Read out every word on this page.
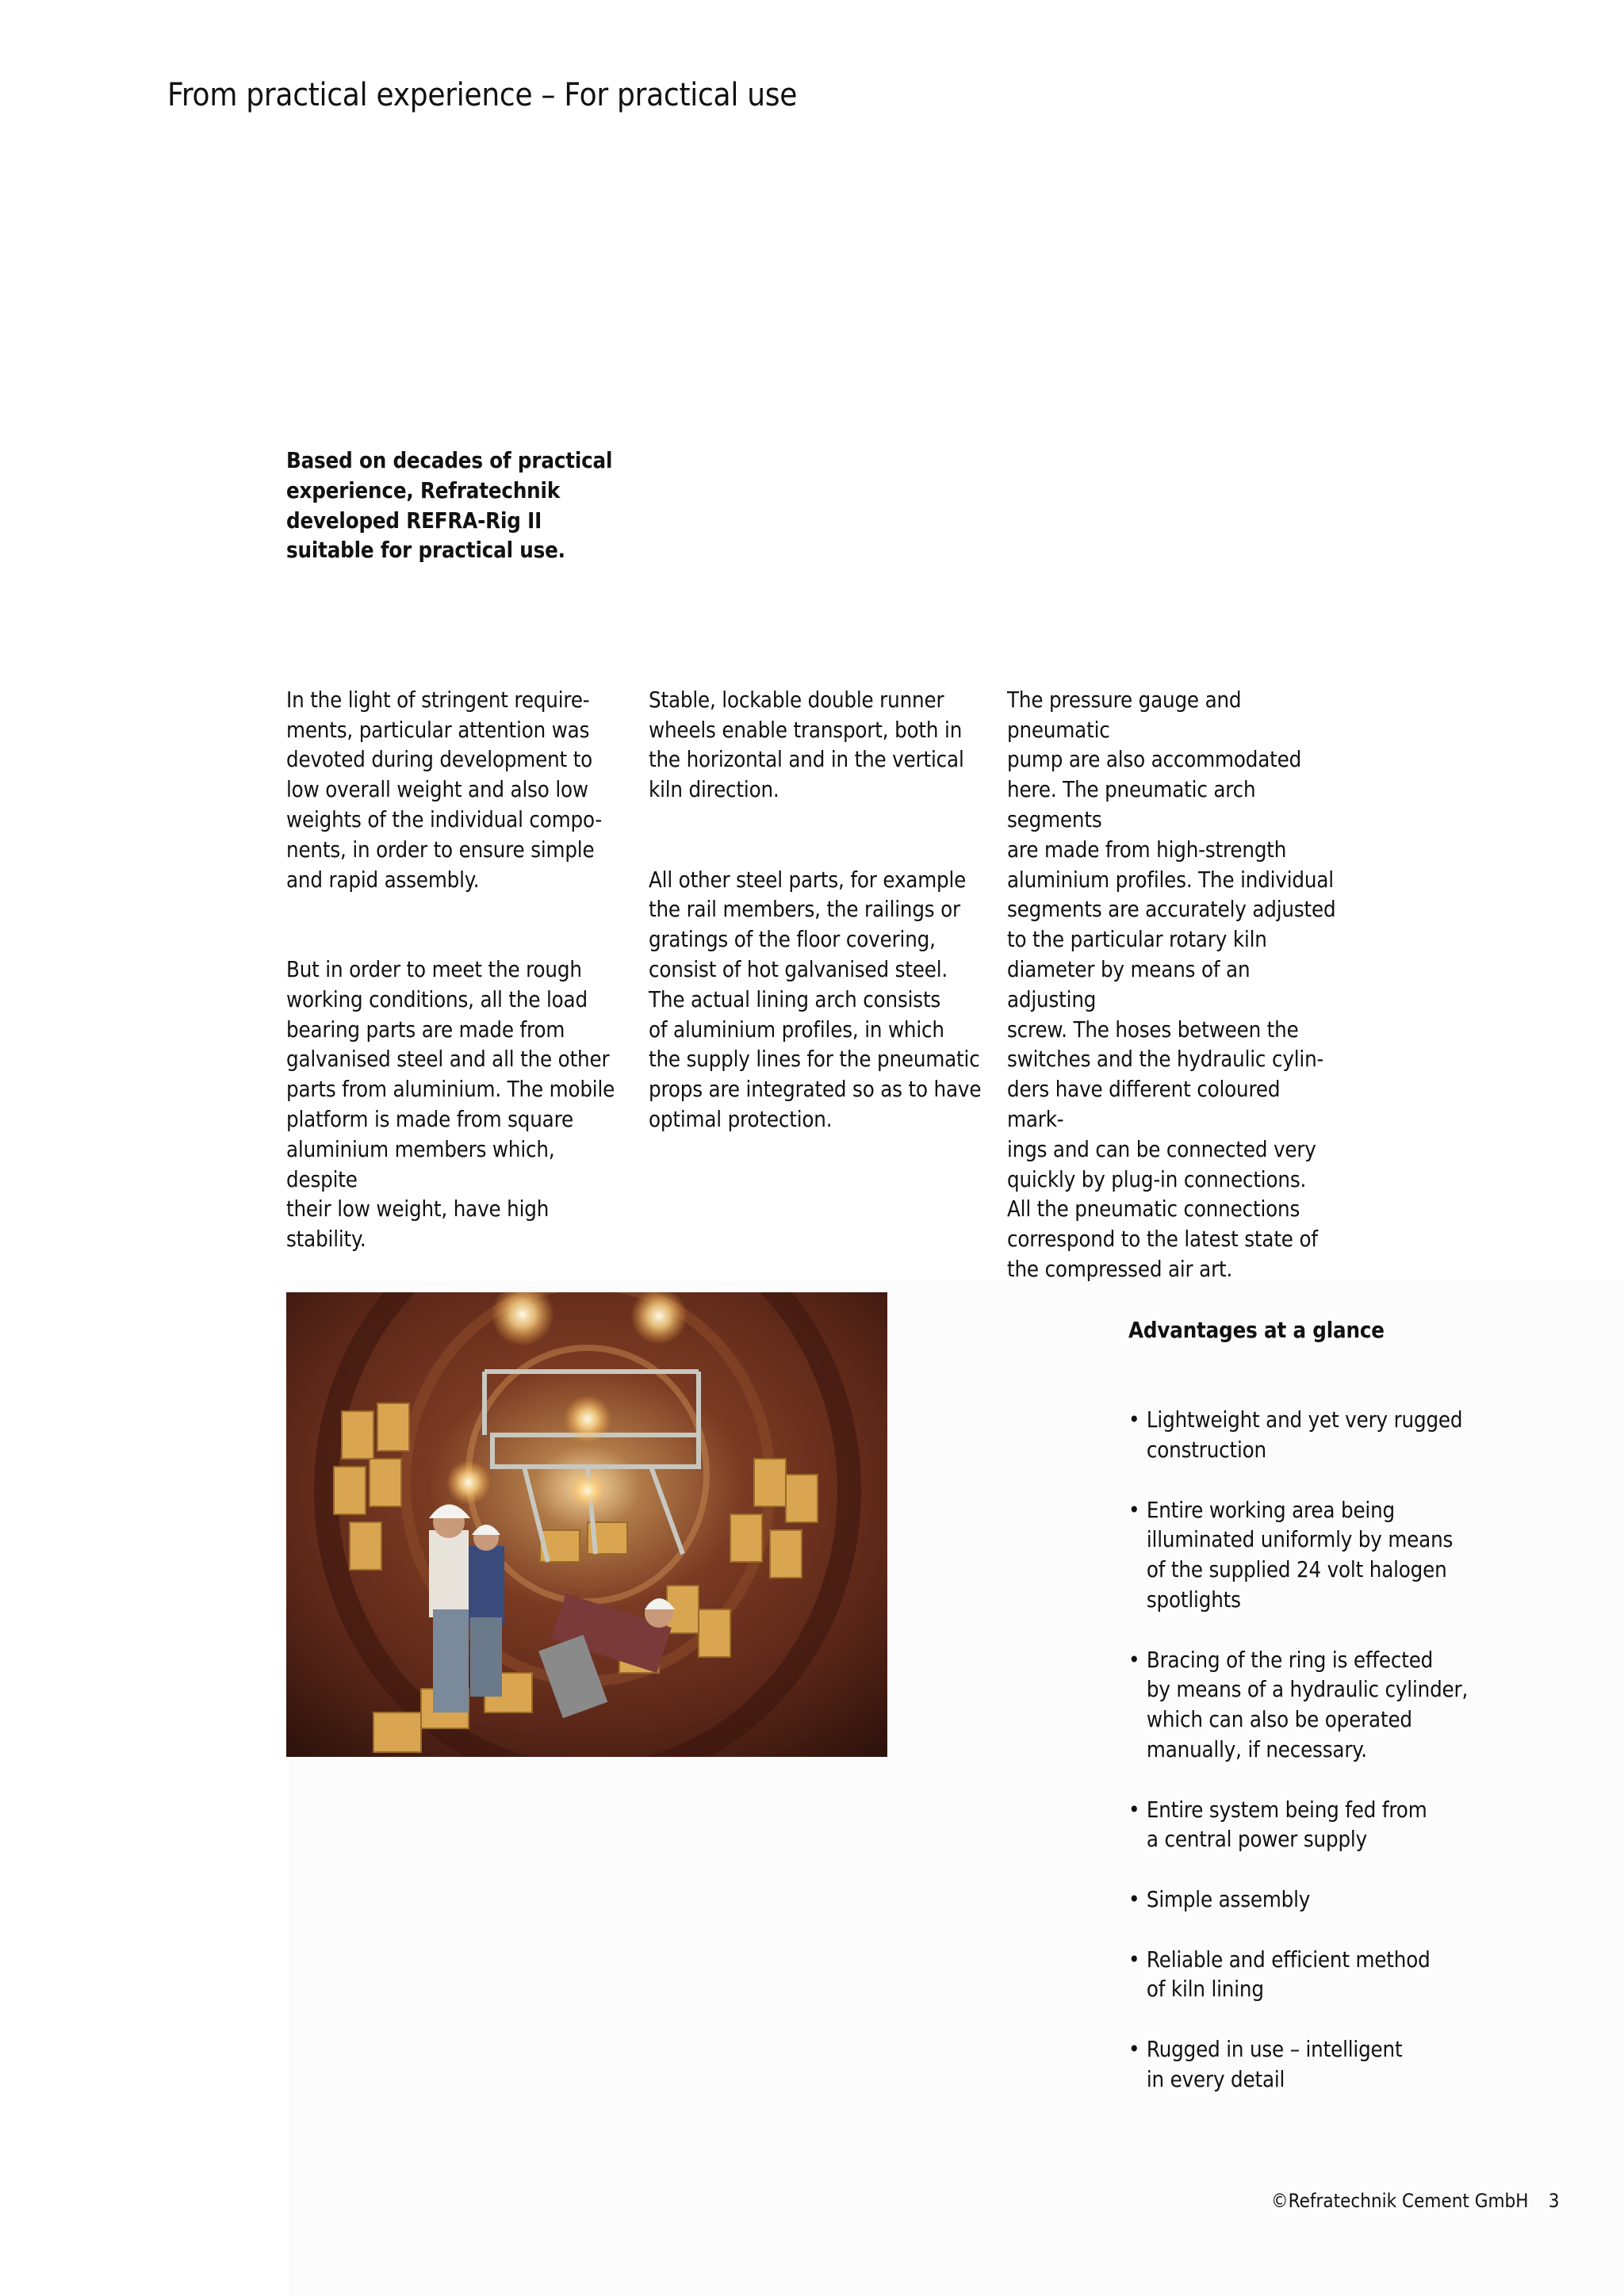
From practical experience – For practical use
Based on decades of practical
experience, Refratechnik
developed REFRA-Rig II
suitable for practical use.

In the light of stringent require-
ments, particular attention was
devoted during development to
low overall weight and also low
weights of the individual compo-
nents, in order to ensure simple
and rapid assembly.

But in order to meet the rough
working conditions, all the load
bearing parts are made from
galvanised steel and all the other
parts from aluminium. The mobile
platform is made from square
aluminium members which, despite
their low weight, have high stability.

Stable, lockable double runner
wheels enable transport, both in
the horizontal and in the vertical
kiln direction.

All other steel parts, for example
the rail members, the railings or
gratings of the floor covering,
consist of hot galvanised steel.
The actual lining arch consists
of aluminium profiles, in which
the supply lines for the pneumatic
props are integrated so as to have
optimal protection.

The pressure gauge and pneumatic
pump are also accommodated
here. The pneumatic arch segments
are made from high-strength
aluminium profiles. The individual
segments are accurately adjusted
to the particular rotary kiln
diameter by means of an adjusting
screw. The hoses between the
switches and the hydraulic cylin-
ders have different coloured mark-
ings and can be connected very
quickly by plug-in connections.
All the pneumatic connections
correspond to the latest state of
the compressed air art.

Advantages at a glance

• Lightweight and yet very rugged
construction

• Entire working area being
illuminated uniformly by means
of the supplied 24 volt halogen
spotlights

• Bracing of the ring is effected
by means of a hydraulic cylinder,
which can also be operated
manually, if necessary.

• Entire system being fed from
a central power supply

• Simple assembly

• Reliable and efficient method
of kiln lining

• Rugged in use – intelligent
in every detail

©Refratechnik Cement GmbH 3
